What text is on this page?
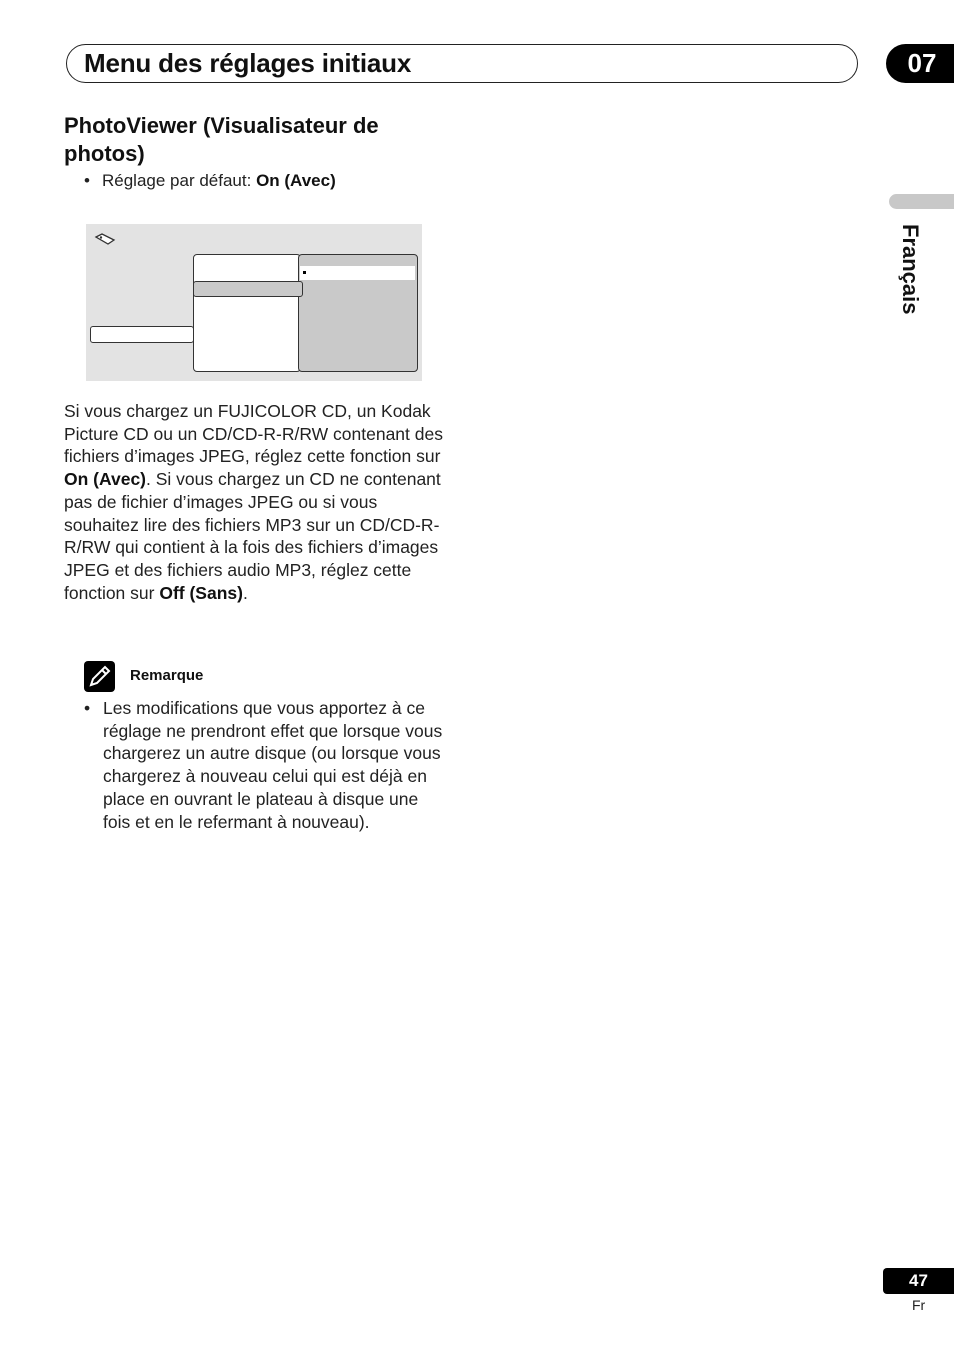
Menu des réglages initiaux	07
Français
PhotoViewer (Visualisateur de photos)
• Réglage par défaut: On (Avec)
Si vous chargez un FUJICOLOR CD, un Kodak Picture CD ou un CD/CD-R-R/RW contenant des fichiers d’images JPEG, réglez cette fonction sur On (Avec). Si vous chargez un CD ne contenant pas de fichier d’images JPEG ou si vous souhaitez lire des fichiers MP3 sur un CD/CD-R-R/RW qui contient à la fois des fichiers d’images JPEG et des fichiers audio MP3, réglez cette fonction sur Off (Sans).
Remarque
• Les modifications que vous apportez à ce réglage ne prendront effet que lorsque vous chargerez un autre disque (ou lorsque vous chargerez à nouveau celui qui est déjà en place en ouvrant le plateau à disque une fois et en le refermant à nouveau).
47
Fr
